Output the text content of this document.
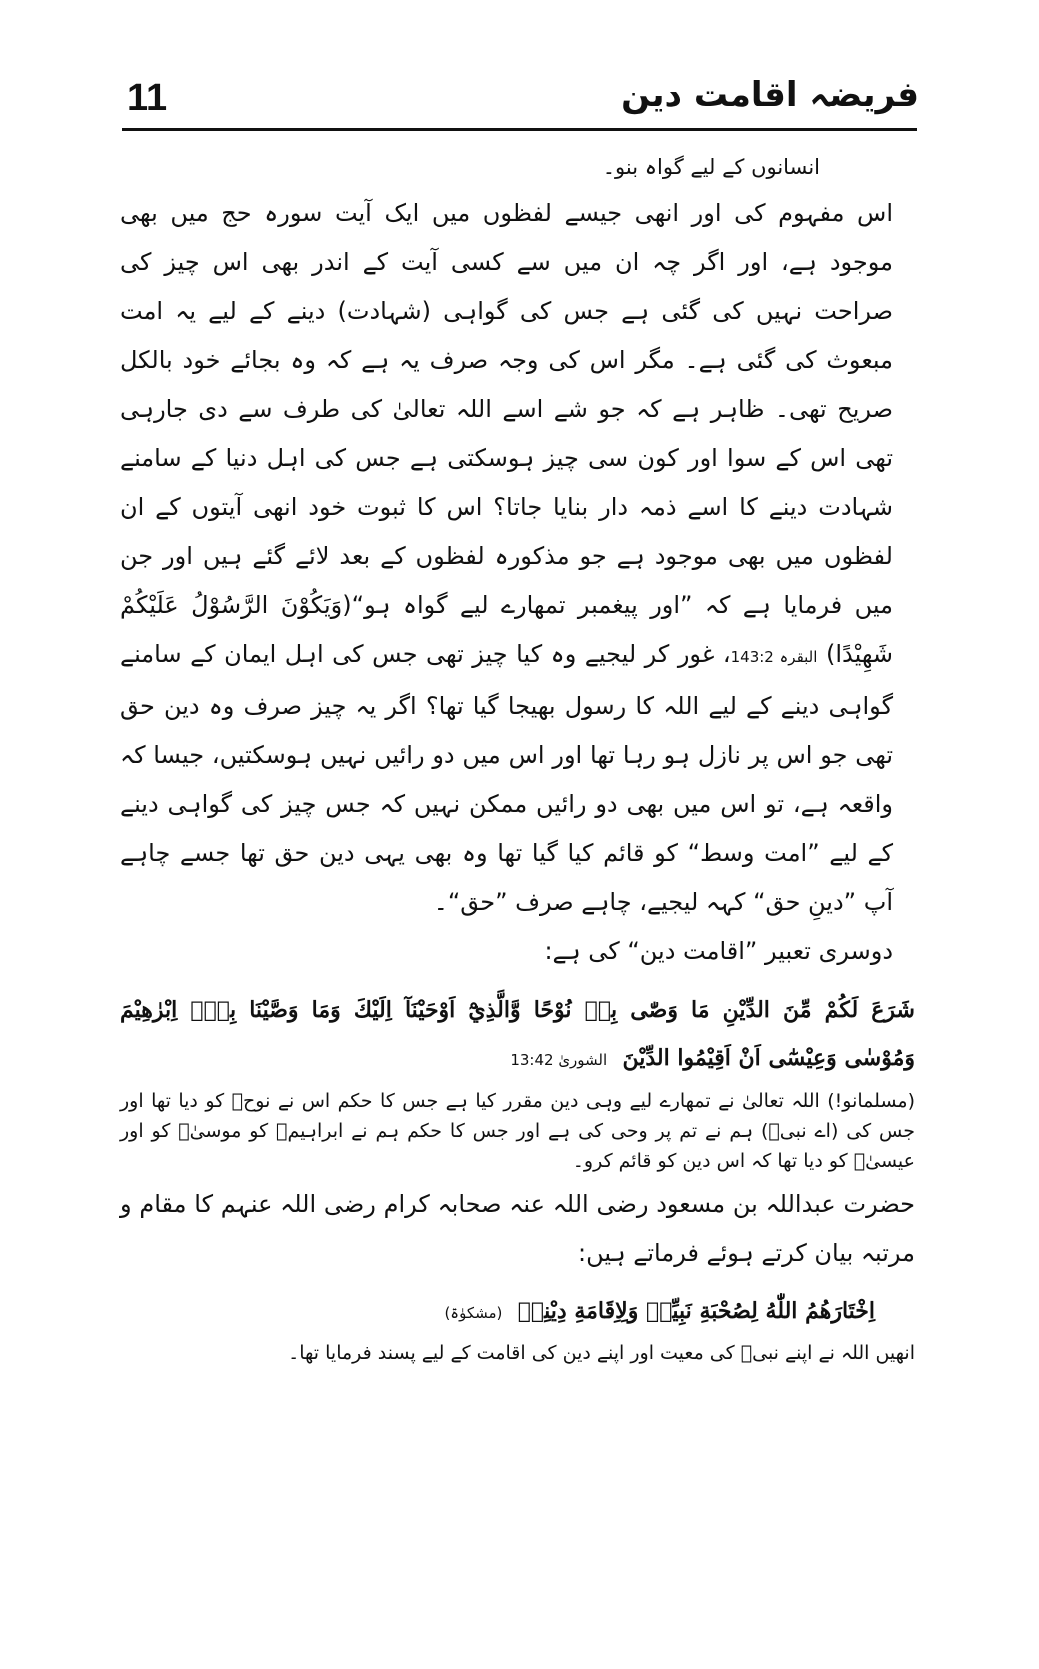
11	فریضہ اقامت دین

انسانوں کے لیے گواہ بنو۔

اس مفہوم کی اور انھی جیسے لفظوں میں ایک آیت سورہ حج میں بھی موجود ہے، اور اگر چہ ان میں سے کسی آیت کے اندر بھی اس چیز کی صراحت نہیں کی گئی ہے جس کی گواہی (شہادت) دینے کے لیے یہ امت مبعوث کی گئی ہے۔ مگر اس کی وجہ صرف یہ ہے کہ وہ بجائے خود بالکل صریح تھی۔ ظاہر ہے کہ جو شے اسے اللہ تعالیٰ کی طرف سے دی جارہی تھی اس کے سوا اور کون سی چیز ہوسکتی ہے جس کی اہل دنیا کے سامنے شہادت دینے کا اسے ذمہ دار بنایا جاتا؟ اس کا ثبوت خود انھی آیتوں کے ان لفظوں میں بھی موجود ہے جو مذکورہ لفظوں کے بعد لائے گئے ہیں اور جن میں فرمایا ہے کہ ”اور پیغمبر تمھارے لیے گواہ ہو“(وَيَكُوْنَ الرَّسُوْلُ عَلَيْكُمْ شَهِيْدًا) البقرہ 143:2، غور کر لیجیے وہ کیا چیز تھی جس کی اہل ایمان کے سامنے گواہی دینے کے لیے اللہ کا رسول بھیجا گیا تھا؟ اگر یہ چیز صرف وہ دین حق تھی جو اس پر نازل ہو رہا تھا اور اس میں دو رائیں نہیں ہوسکتیں، جیسا کہ واقعہ ہے، تو اس میں بھی دو رائیں ممکن نہیں کہ جس چیز کی گواہی دینے کے لیے ”امت وسط“ کو قائم کیا گیا تھا وہ بھی یہی دین حق تھا جسے چاہے آپ ”دینِ حق“ کہہ لیجیے، چاہے صرف ”حق“۔

دوسری تعبیر ”اقامت دین“ کی ہے:

شَرَعَ لَكُمْ مِّنَ الدِّيْنِ مَا وَصّٰى بِهٖ نُوْحًا وَّالَّذِيْٓ اَوْحَيْنَآ اِلَيْكَ وَمَا وَصَّيْنَا بِهٖٓ اِبْرٰهِيْمَ وَمُوْسٰى وَعِيْسٰٓى اَنْ اَقِيْمُوا الدِّيْنَ  الشوریٰ 13:42

(مسلمانو!) اللہ تعالیٰ نے تمھارے لیے وہی دین مقرر کیا ہے جس کا حکم اس نے نوحؑ کو دیا تھا اور جس کی (اے نبیؐ) ہم نے تم پر وحی کی ہے اور جس کا حکم ہم نے ابراہیمؑ کو موسیٰؑ کو اور عیسیٰؑ کو دیا تھا کہ اس دین کو قائم کرو۔

حضرت عبداللہ بن مسعود رضی اللہ عنہ صحابہ کرام رضی اللہ عنہم کا مقام و مرتبہ بیان کرتے ہوئے فرماتے ہیں:

اِخْتَارَهُمُ اللّٰهُ لِصُحْبَةِ نَبِيِّهٖ وَلِاِقَامَةِ دِيْنِهٖ  (مشکوٰۃ)

انھیں اللہ نے اپنے نبیؐ کی معیت اور اپنے دین کی اقامت کے لیے پسند فرمایا تھا۔
